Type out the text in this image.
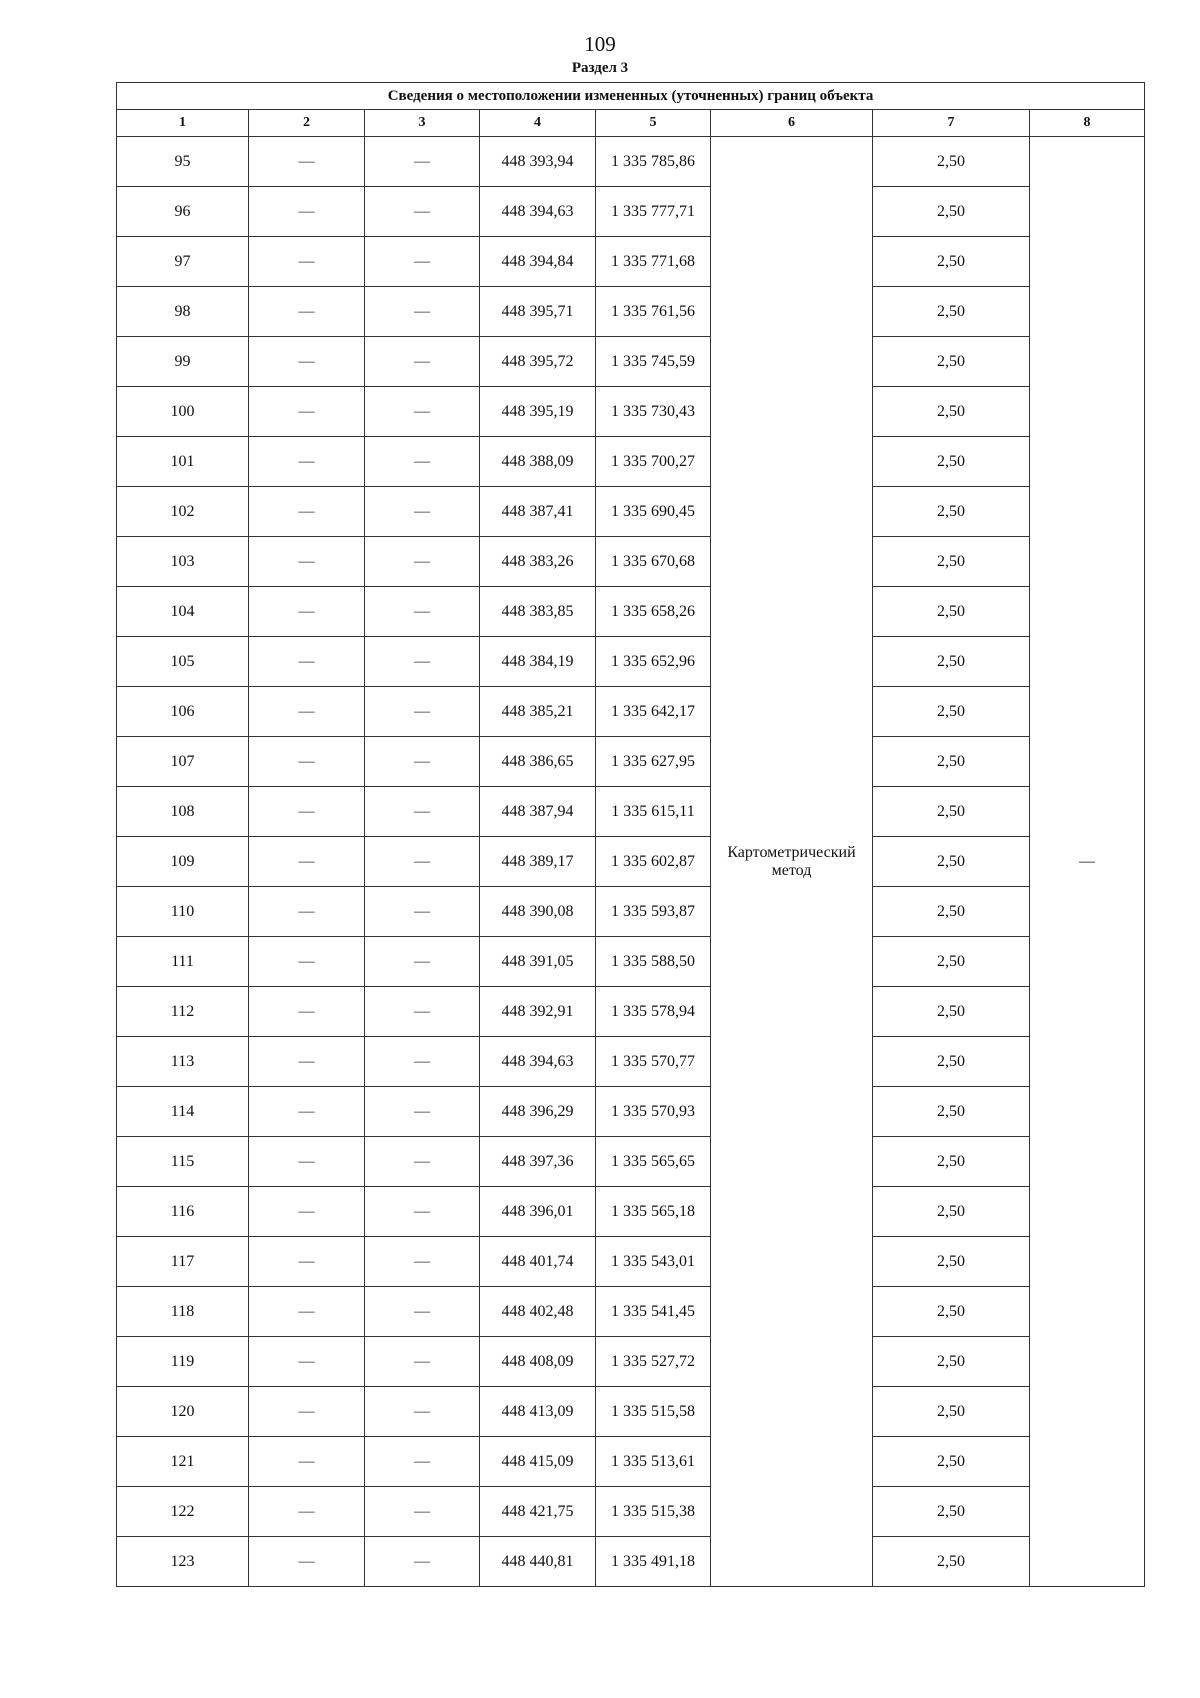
109
Раздел 3
Сведения о местоположении измененных (уточненных) границ объекта							
1	2	3	4	5	6	7	8
95	—	—	448 393,94	1 335 785,86	Картометрический метод	2,50	—
96	—	—	448 394,63	1 335 777,71		2,50	
97	—	—	448 394,84	1 335 771,68		2,50	
98	—	—	448 395,71	1 335 761,56		2,50	
99	—	—	448 395,72	1 335 745,59		2,50	
100	—	—	448 395,19	1 335 730,43		2,50	
101	—	—	448 388,09	1 335 700,27		2,50	
102	—	—	448 387,41	1 335 690,45		2,50	
103	—	—	448 383,26	1 335 670,68		2,50	
104	—	—	448 383,85	1 335 658,26		2,50	
105	—	—	448 384,19	1 335 652,96		2,50	
106	—	—	448 385,21	1 335 642,17		2,50	
107	—	—	448 386,65	1 335 627,95		2,50	
108	—	—	448 387,94	1 335 615,11		2,50	
109	—	—	448 389,17	1 335 602,87		2,50	
110	—	—	448 390,08	1 335 593,87		2,50	
111	—	—	448 391,05	1 335 588,50		2,50	
112	—	—	448 392,91	1 335 578,94		2,50	
113	—	—	448 394,63	1 335 570,77		2,50	
114	—	—	448 396,29	1 335 570,93		2,50	
115	—	—	448 397,36	1 335 565,65		2,50	
116	—	—	448 396,01	1 335 565,18		2,50	
117	—	—	448 401,74	1 335 543,01		2,50	
118	—	—	448 402,48	1 335 541,45		2,50	
119	—	—	448 408,09	1 335 527,72		2,50	
120	—	—	448 413,09	1 335 515,58		2,50	
121	—	—	448 415,09	1 335 513,61		2,50	
122	—	—	448 421,75	1 335 515,38		2,50	
123	—	—	448 440,81	1 335 491,18		2,50	
